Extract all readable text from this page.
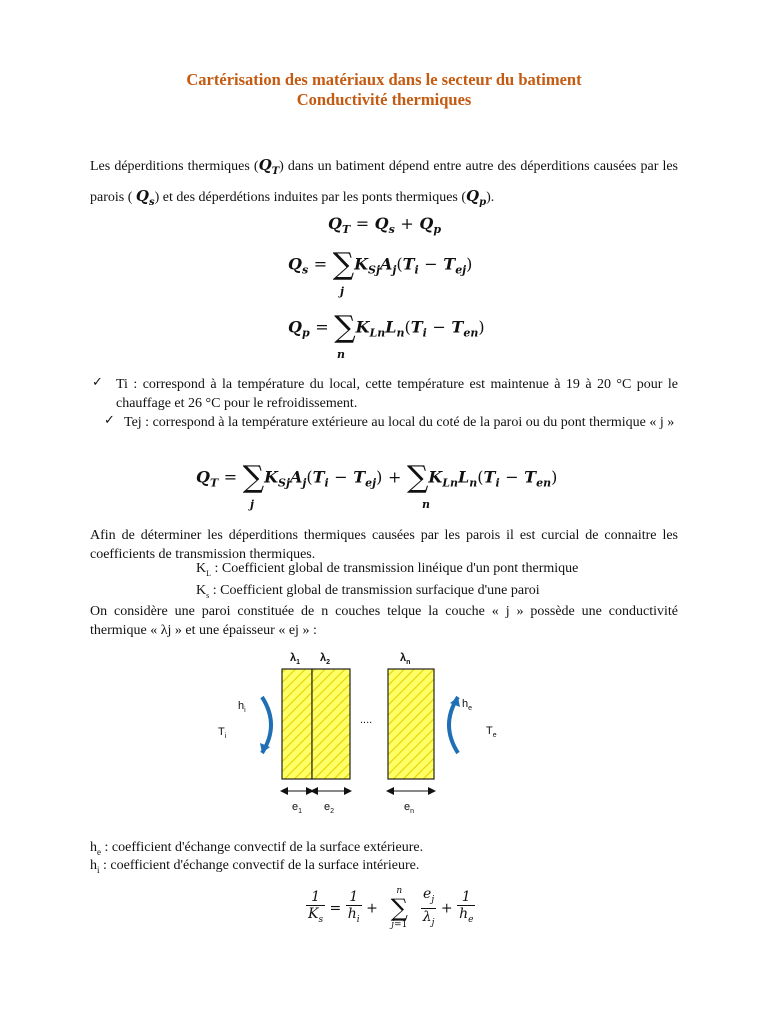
Cartérisation des matériaux dans le secteur du batiment
Conductivité thermiques
Les déperditions thermiques $(Q_T)$ dans un batiment dépend entre autre des déperditions causées par les parois ( $Q_s$) et des déperdétions induites par les ponts thermiques $(Q_p)$.
$Q_T = Q_s + Q_p$
$Q_s = \sum K_{Sj}A_j(T_i - T_{ej})$
j
$Q_p = \sum K_{Ln}L_n(T_i - T_{en})$
n
✓ Ti : correspond à la température du local, cette température est maintenue à 19 à 20 °C pour le chauffage et 26 °C pour le refroidissement.
✓ Tej : correspond à la température extérieure au local du coté de la paroi ou du pont thermique « j »
$Q_T = \sum K_{Sj}A_j(T_i - T_{ej}) + \sum K_{Ln}L_n(T_i - T_{en})$
j	n
Afin de déterminer les déperditions thermiques causées par les parois il est curcial de connaitre les coefficients de transmission thermiques.
$K_L$ : Coefficient global de transmission linéique d'un pont thermique
$K_s$ : Coefficient global de transmission surfacique d'une paroi
On considère une paroi constituée de n couches telque la couche « j » possède une conductivité thermique « λj » et une épaisseur « ej » :
$\lambda_1$ $\lambda_2$	$\lambda_n$
$h_i$
$T_i$
$h_e$
$T_e$
....
$e_1$ $e_2$	$e_n$
$h_e$ : coefficient d'échange convectif de la surface extérieure.
$h_i$ : coefficient d'échange convectif de la surface intérieure.
$\frac{1}{K_s} = \frac{1}{h_i}$ +
n
∑
j=1
$\frac{e_j}{\lambda_j} + \frac{1}{h_e}$
